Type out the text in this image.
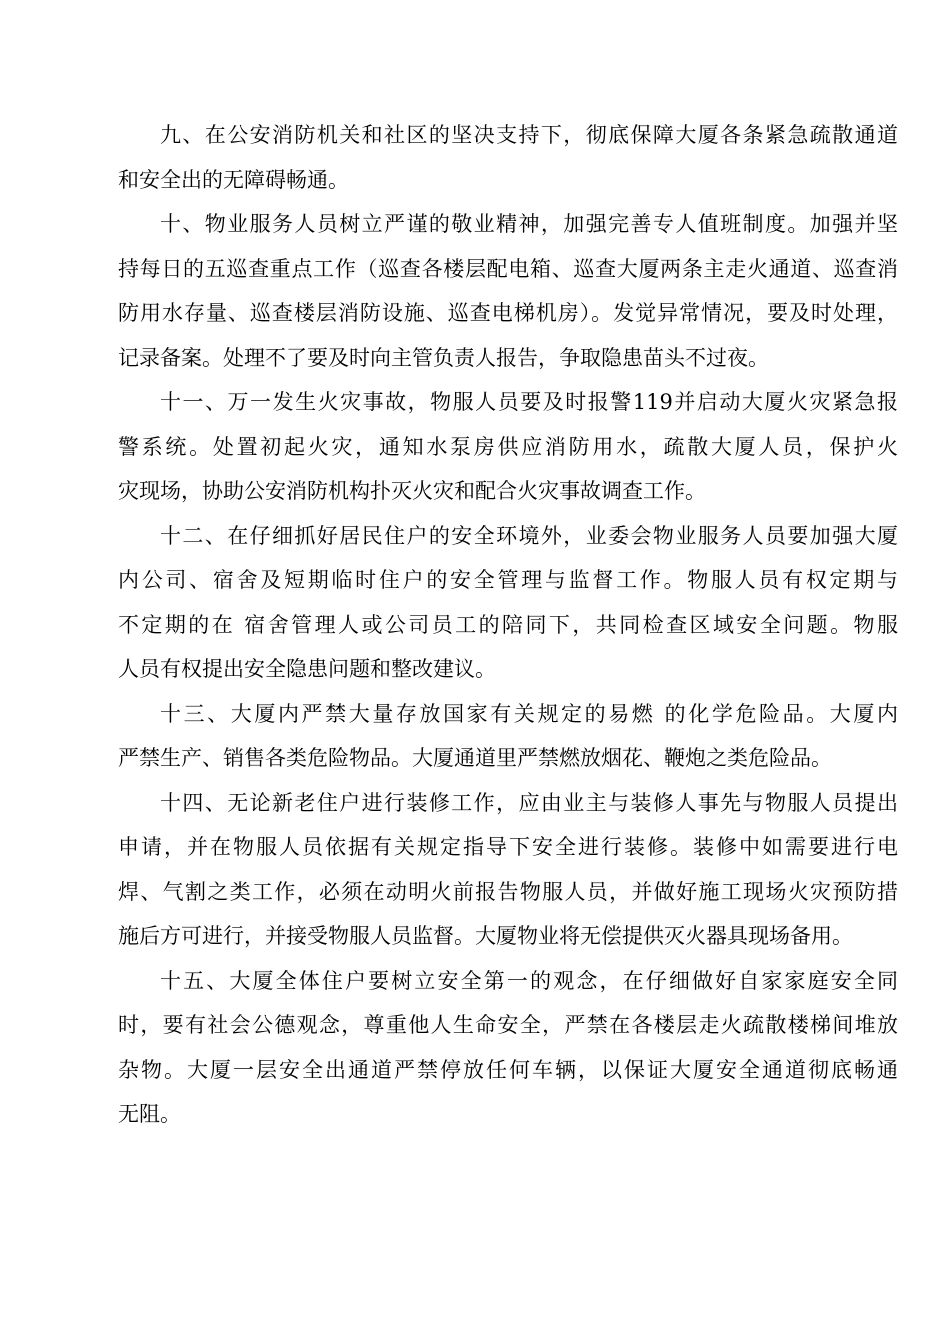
九、在公安消防机关和社区的坚决支持下，彻底保障大厦各条紧急疏散通道
和安全出的无障碍畅通。
十、物业服务人员树立严谨的敬业精神，加强完善专人值班制度。加强并坚
持每日的五巡查重点工作（巡查各楼层配电箱、巡查大厦两条主走火通道、巡查消
防用水存量、巡查楼层消防设施、巡查电梯机房）。发觉异常情况，要及时处理，
记录备案。处理不了要及时向主管负责人报告，争取隐患苗头不过夜。
十一、万一发生火灾事故，物服人员要及时报警119并启动大厦火灾紧急报
警系统。处置初起火灾，通知水泵房供应消防用水，疏散大厦人员，保护火
灾现场，协助公安消防机构扑灭火灾和配合火灾事故调查工作。
十二、在仔细抓好居民住户的安全环境外，业委会物业服务人员要加强大厦
内公司、宿舍及短期临时住户的安全管理与监督工作。物服人员有权定期与
不定期的在 宿舍管理人或公司员工的陪同下，共同检查区域安全问题。物服
人员有权提出安全隐患问题和整改建议。
十三、大厦内严禁大量存放国家有关规定的易燃 的化学危险品。大厦内
严禁生产、销售各类危险物品。大厦通道里严禁燃放烟花、鞭炮之类危险品。
十四、无论新老住户进行装修工作，应由业主与装修人事先与物服人员提出
申请，并在物服人员依据有关规定指导下安全进行装修。装修中如需要进行电
焊、气割之类工作，必须在动明火前报告物服人员，并做好施工现场火灾预防措
施后方可进行，并接受物服人员监督。大厦物业将无偿提供灭火器具现场备用。
十五、大厦全体住户要树立安全第一的观念，在仔细做好自家家庭安全同
时，要有社会公德观念，尊重他人生命安全，严禁在各楼层走火疏散楼梯间堆放
杂物。大厦一层安全出通道严禁停放任何车辆，以保证大厦安全通道彻底畅通
无阻。
